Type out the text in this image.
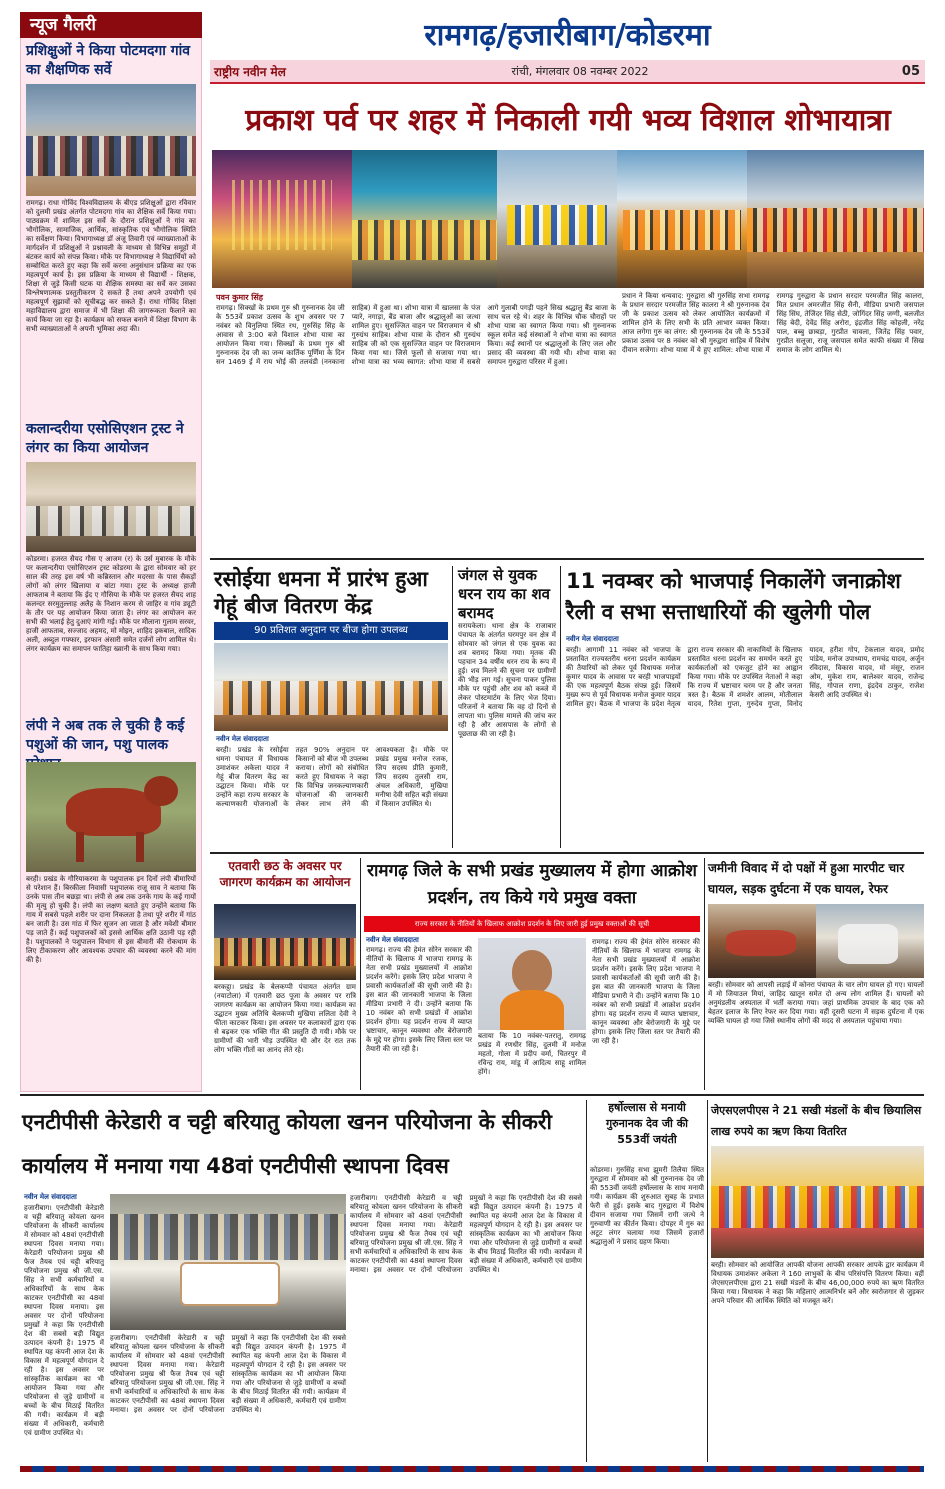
न्यूज गैलरी
प्रशिक्षुओं ने किया पोटमदगा गांव का शैक्षणिक सर्वे
रामगढ़। राधा गोविंद विश्वविद्यालय के बीएड प्रशिक्षुओं द्वारा रविवार को दुलमी प्रखंड अंतर्गत पोटमदगा गांव का शैक्षिक सर्वे किया गया। पाठ्यक्रम में शामिल इस सर्वे के दौरान प्रशिक्षुओं ने गांव का भौगोलिक, सामाजिक, आर्थिक, सांस्कृतिक एवं भौगोलिक स्थिति का सर्वेक्षण किया। विभागाध्यक्ष डॉ अंजू तिवारी एवं व्याख्याताओं के मार्गदर्शन में प्रशिक्षुओं ने प्रश्नावली के माध्यम से विभिन्न समूहों में बंटकर कार्य को संपन्न किया। मौके पर विभागाध्यक्ष ने विद्यार्थियों को सम्बोधित करते हुए कहा कि सर्वे करना अनुसंधान प्रक्रिया का एक महत्वपूर्ण कार्य है। इस प्रक्रिया के माध्यम से विद्यार्थी - शिक्षक, शिक्षा से जुड़े किसी घटक या शैक्षिक समस्या का सर्वे कर उसका विश्लेषणात्मक प्रस्तुतीकरण दे सकते हैं तथा अपने उपयोगी एवं महत्वपूर्ण सुझावों को सूचीबद्ध कर सकते हैं। राधा गोविंद शिक्षा महाविद्यालय द्वारा समाज में भी शिक्षा की जागरूकता फैलाने का कार्य किया जा रहा है। कार्यक्रम को सफल बनाने में शिक्षा विभाग के सभी व्याख्याताओं ने अपनी भूमिका अदा की।
कलान्दरीया एसोसिएशन ट्रस्ट ने लंगर का किया आयोजन
कोडरमा। हजरत सैयद गौस ए आजम (र) के उर्स मुबारक के मौके पर कलान्दरीया एसोसिएशन ट्रस्ट कोडरमा के द्वारा सोमवार को हर साल की तरह इस वर्ष भी कब्रिस्तान और मदरसा के पास सैकड़ों लोगों को लंगर खिलाया व बांटा गया। ट्रस्ट के अध्यक्ष हाजी आफताब ने बताया कि ईद ए गौसिया के मौके पर हजरत सैयद शाह कलन्दर सरमुतुल्लाह अलैह के निशान करम से जाहिर व गांव ड्यूटी के तौर पर यह आयोजन किया जाता है। लंगर का आयोजन कर सभी की भलाई हेतु दुआएं मांगी गई। मौके पर मौलाना गुलाम सरवर, हाजी आफताब, सज्जाद अहमद, मो मोइन, शाहिद इकबाल, सादिक अली, अब्दुल गफ्फार, इरफान अंसारी समेत दर्जनों लोग शामिल थे। लंगर कार्यक्रम का समापन फातिहा ख्वानी के साथ किया गया।
लंपी ने अब तक ले चुकी है कई पशुओं की जान, पशु पालक
बरही। प्रखंड के गौरियाकरमा के पशुपालक इन दिनों लंपी बीमारियों से परेशान हैं। बिरकीला निवासी पशुपालक राजू साव ने बताया कि उनके पास तीन बछड़ा था। लंपी से अब तक उनके गाय के कई गायों की मृत्यु हो चुकी है। लंपी का लक्षण बताते हुए उन्होंने बताया कि गाय में सबसे पहले शरीर पर दाना निकलता है तथा पूरे शरीर में गांठ बन जाती है। उस गांठ में फिर सूजन आ जाता है और मवेशी बीमार पड़ जाते हैं। कई पशुपालकों को इससे आर्थिक क्षति उठानी पड़ रही है। पशुपालकों ने पशुपालन विभाग से इस बीमारी की रोकथाम के लिए टीकाकरण और आवश्यक उपचार की व्यवस्था करने की मांग की है।
रामगढ़/हजारीबाग/कोडरमा
राष्ट्रीय नवीन मेल	रांची, मंगलवार 08 नवम्बर 2022	05
प्रकाश पर्व पर शहर में निकाली गयी भव्य विशाल शोभायात्रा
पवन कुमार सिंह
रामगढ़। सिक्खों के प्रथम गुरु श्री गुरुनानक देव जी के 553वें प्रकाश उत्सव के शुभ अवसर पर 7 नवंबर को विनुलिया स्थित रथ, गुरुसिंह सिंह के आवास से 3:00 बजे विशाल शोभा यात्रा का आयोजन किया गया। सिक्खों के प्रथम गुरु श्री गुरुनानक देव जी का जन्म कार्तिक पूर्णिमा के दिन सन 1469 ई में राय भोई की तलवंडी (ननकाना साहिब) में हुआ था। शोभा यात्रा में खालसा के पंज प्यारे, नगाड़ा, बैंड बाजा और श्रद्धालुओं का जत्था शामिल हुए। सुसज्जित वाहन पर विराजमान थे श्री गुरुग्रंथ साहिब। शोभा यात्रा के दौरान श्री गुरुग्रंथ साहिब जी को एक सुसज्जित वाहन पर विराजमान किया गया था। जिसे फूलों से सजाया गया था। शोभा यात्रा का भव्य स्वागत: शोभा यात्रा में सबसे आगे गुलाबी पगड़ी पहने सिख श्रद्धालु बैंड बाजा के साथ चल रहे थे। शहर के विभिन्न चौक चौराहों पर शोभा यात्रा का स्वागत किया गया। श्री गुरुनानक स्कूल समेत कई संस्थाओं ने शोभा यात्रा का स्वागत किया। कई स्थानों पर श्रद्धालुओं के लिए जल और प्रसाद की व्यवस्था की गयी थी। शोभा यात्रा का समापन गुरुद्वारा परिसर में हुआ।
प्रधान ने किया धन्यवाद: गुरुद्वारा श्री गुरुसिंह सभा रामगढ़ के प्रधान सरदार परमजीत सिंह कालरा ने श्री गुरुनानक देव जी के प्रकाश उत्सव को लेकर आयोजित कार्यक्रमों में शामिल होने के लिए सभी के प्रति आभार व्यक्त किया। आज लगेगा गुरु का लंगर: श्री गुरुनानक देव जी के 553वें प्रकाश उत्सव पर 8 नवंबर को श्री गुरुद्वारा साहिब में विशेष दीवान सजेगा। शोभा यात्रा में ये हुए शामिल: शोभा यात्रा में रामगढ़ गुरुद्वारा के प्रधान सरदार परमजीत सिंह कालरा, मित प्रधान अमरजीत सिंह सैनी, मीडिया प्रभारी जसपाल सिंह सिंघ, तेजिंदर सिंह सेठी, जोगिंदर सिंह जग्गी, बलजीत सिंह बेदी, देवेंद्र सिंह अरोरा, इंद्रजीत सिंह कोहली, नरेंद्र पाल, बब्बु छाबड़ा, गुरप्रीत चावला, जितेंद्र सिंह पवार, गुरप्रीत सलूजा, राजू जसपाल समेत काफी संख्या में सिख समाज के लोग शामिल थे।
रसोईया धमना में प्रारंभ हुआ गेहूं बीज वितरण केंद्र
90 प्रतिशत अनुदान पर बीज होगा उपलब्ध
नवीन मेल संवाददाता
बरही। प्रखंड के रसोईया धमना पंचायत में विधायक उमाशंकर अकेला यादव ने गेहूं बीज वितरण केंद्र का उद्घाटन किया। मौके पर उन्होंने कहा राज्य सरकार के कल्याणकारी योजनाओं के तहत 90% अनुदान पर किसानों को बीज भी उपलब्ध कराया। लोगों को संबोधित करते हुए विधायक ने कहा कि विभिन्न जनकल्याणकारी योजनाओं की जानकारी लेकर लाभ लेने की आवश्यकता है। मौके पर प्रखंड प्रमुख मनोज रजक, जिप सदस्य प्रीति कुमारी, जिप सदस्य तुलसी राम, अंचल अधिकारी, मुखिया मनीषा देवी सहित बड़ी संख्या में किसान उपस्थित थे।
जंगल से युवक धरन राय का शव बरामद
सरायकेला। थाना क्षेत्र के राजाबार पंचायत के अंतर्गत घरमपुर वन क्षेत्र में सोमवार को जंगल से एक युवक का शव बरामद किया गया। मृतक की पहचान 34 वर्षीय धरन राय के रूप में हुई। शव मिलने की सूचना पर ग्रामीणों की भीड़ लग गई। सूचना पाकर पुलिस मौके पर पहुंची और शव को कब्जे में लेकर पोस्टमार्टम के लिए भेज दिया। परिजनों ने बताया कि वह दो दिनों से लापता था। पुलिस मामले की जांच कर रही है और आसपास के लोगों से पूछताछ की जा रही है।
11 नवम्बर को भाजपाई निकालेंगे जनाक्रोश रैली व सभा सत्ताधारियों की खुलेगी पोल
नवीन मेल संवाददाता
बरही। आगामी 11 नवंबर को भाजपा के प्रस्तावित राज्यस्तरीय धरना प्रदर्शन कार्यक्रम की तैयारियों को लेकर पूर्व विधायक मनोज कुमार यादव के आवास पर बरही भाजपाइयों की एक महत्वपूर्ण बैठक संपन्न हुई। जिसमें मुख्य रूप से पूर्व विधायक मनोज कुमार यादव शामिल हुए। बैठक में भाजपा के प्रदेश नेतृत्व द्वारा राज्य सरकार की नाकामियों के खिलाफ प्रस्तावित धरना प्रदर्शन का समर्थन करते हुए कार्यकर्ताओं को एकजुट होने का आह्वान किया गया। मौके पर उपस्थित नेताओं ने कहा कि राज्य में भ्रष्टाचार चरम पर है और जनता त्रस्त है। बैठक में शमशेर आलम, मोतीलाल यादव, रितेश गुप्ता, गुरुदेव गुप्ता, विनोद यादव, हरीश गोप, टेकलाल यादव, प्रमोद पांडेय, मनोज उपाध्याय, रामचंद्र यादव, अर्जुन रविदास, विकास यादव, मो मंसूर, राजन ओम, मुकेश राम, बालेश्वर यादव, राजेन्द्र सिंह, गोपाल राणा, इंद्रदेव ठाकुर, राजेश केसरी आदि उपस्थित थे।
एतवारी छठ के अवसर पर जागरण कार्यक्रम का आयोजन
बरकट्ठा। प्रखंड के बेलकप्पी पंचायत अंतर्गत ग्राम (नयाटोला) में एतवारी छठ पूजा के अवसर पर रात्रि जागरण कार्यक्रम का आयोजन किया गया। कार्यक्रम का उद्घाटन मुख्य अतिथि बेलकप्पी मुखिया ललिता देवी ने फीता काटकर किया। इस अवसर पर कलाकारों द्वारा एक से बढ़कर एक भक्ति गीत की प्रस्तुति दी गयी। मौके पर ग्रामीणों की भारी भीड़ उपस्थित थी और देर रात तक लोग भक्ति गीतों का आनंद लेते रहे।
रामगढ़ जिले के सभी प्रखंड मुख्यालय में होगा आक्रोश प्रदर्शन, तय किये गये प्रमुख वक्ता
राज्य सरकार के नीतियों के खिलाफ आक्रोश प्रदर्शन के लिए जारी हुई प्रमुख वक्ताओं की सूची
नवीन मेल संवाददाता
रामगढ़। राज्य की हेमंत सोरेन सरकार की नीतियों के खिलाफ में भाजपा रामगढ़ के नेता सभी प्रखंड मुख्यालयों में आक्रोश प्रदर्शन करेंगे। इसके लिए प्रदेश भाजपा ने प्रवासी कार्यकर्ताओं की सूची जारी की है। इस बात की जानकारी भाजपा के जिला मीडिया प्रभारी ने दी। उन्होंने बताया कि 10 नवंबर को सभी प्रखंडों में आक्रोश प्रदर्शन होगा। यह प्रदर्शन राज्य में व्याप्त भ्रष्टाचार, कानून व्यवस्था और बेरोजगारी के मुद्दे पर होगा। इसके लिए जिला स्तर पर तैयारी की जा रही है।
बताया कि 10 नवंबर-पतरातु, रामगढ़ प्रखंड में रणधीर सिंह, दुलमी में मनोज महतो, गोला में प्रदीप वर्मा, चितरपुर में रविन्द्र राय, मांडू में आदित्य साहू शामिल होंगे।
रामगढ़। राज्य की हेमंत सोरेन सरकार की नीतियों के खिलाफ में भाजपा रामगढ़ के नेता सभी प्रखंड मुख्यालयों में आक्रोश प्रदर्शन करेंगे। इसके लिए प्रदेश भाजपा ने प्रवासी कार्यकर्ताओं की सूची जारी की है। इस बात की जानकारी भाजपा के जिला मीडिया प्रभारी ने दी। उन्होंने बताया कि 10 नवंबर को सभी प्रखंडों में आक्रोश प्रदर्शन होगा। यह प्रदर्शन राज्य में व्याप्त भ्रष्टाचार, कानून व्यवस्था और बेरोजगारी के मुद्दे पर होगा। इसके लिए जिला स्तर पर तैयारी की जा रही है।
जमीनी विवाद में दो पक्षों में हुआ मारपीट चार घायल, सड़क दुर्घटना में एक घायल, रेफर
बरही। सोमवार को आपसी लड़ाई में कोनरा पंचायत के चार लोग घायल हो गए। घायलों में मो जियाउल मियां, जाहिद खातून समेत दो अन्य लोग शामिल हैं। घायलों को अनुमंडलीय अस्पताल में भर्ती कराया गया। जहां प्राथमिक उपचार के बाद एक को बेहतर इलाज के लिए रेफर कर दिया गया। वहीं दूसरी घटना में सड़क दुर्घटना में एक व्यक्ति घायल हो गया जिसे स्थानीय लोगों की मदद से अस्पताल पहुंचाया गया।
एनटीपीसी केरेडारी व चट्टी बरियातु कोयला खनन परियोजना के सीकरी कार्यालय में मनाया गया 48वां एनटीपीसी स्थापना दिवस
नवीन मेल संवाददाता
हजारीबाग। एनटीपीसी केरेडारी व चट्टी बरियातु कोयला खनन परियोजना के सीकरी कार्यालय में सोमवार को 48वां एनटीपीसी स्थापना दिवस मनाया गया। केरेडारी परियोजना प्रमुख श्री फैज तैयब एवं चट्टी बरियातु परियोजना प्रमुख श्री जी.एस. सिंह ने सभी कर्मचारियों व अधिकारियों के साथ केक काटकर एनटीपीसी का 48वां स्थापना दिवस मनाया। इस अवसर पर दोनों परियोजना प्रमुखों ने कहा कि एनटीपीसी देश की सबसे बड़ी विद्युत उत्पादन कंपनी है। 1975 में स्थापित यह कंपनी आज देश के विकास में महत्वपूर्ण योगदान दे रही है। इस अवसर पर सांस्कृतिक कार्यक्रम का भी आयोजन किया गया और परियोजना से जुड़े ग्रामीणों व बच्चों के बीच मिठाई वितरित की गयी। कार्यक्रम में बड़ी संख्या में अधिकारी, कर्मचारी एवं ग्रामीण उपस्थित थे।
हजारीबाग। एनटीपीसी केरेडारी व चट्टी बरियातु कोयला खनन परियोजना के सीकरी कार्यालय में सोमवार को 48वां एनटीपीसी स्थापना दिवस मनाया गया। केरेडारी परियोजना प्रमुख श्री फैज तैयब एवं चट्टी बरियातु परियोजना प्रमुख श्री जी.एस. सिंह ने सभी कर्मचारियों व अधिकारियों के साथ केक काटकर एनटीपीसी का 48वां स्थापना दिवस मनाया। इस अवसर पर दोनों परियोजना प्रमुखों ने कहा कि एनटीपीसी देश की सबसे बड़ी विद्युत उत्पादन कंपनी है। 1975 में स्थापित यह कंपनी आज देश के विकास में महत्वपूर्ण योगदान दे रही है। इस अवसर पर सांस्कृतिक कार्यक्रम का भी आयोजन किया गया और परियोजना से जुड़े ग्रामीणों व बच्चों के बीच मिठाई वितरित की गयी। कार्यक्रम में बड़ी संख्या में अधिकारी, कर्मचारी एवं ग्रामीण उपस्थित थे।
हजारीबाग। एनटीपीसी केरेडारी व चट्टी बरियातु कोयला खनन परियोजना के सीकरी कार्यालय में सोमवार को 48वां एनटीपीसी स्थापना दिवस मनाया गया। केरेडारी परियोजना प्रमुख श्री फैज तैयब एवं चट्टी बरियातु परियोजना प्रमुख श्री जी.एस. सिंह ने सभी कर्मचारियों व अधिकारियों के साथ केक काटकर एनटीपीसी का 48वां स्थापना दिवस मनाया। इस अवसर पर दोनों परियोजना प्रमुखों ने कहा कि एनटीपीसी देश की सबसे बड़ी विद्युत उत्पादन कंपनी है। 1975 में स्थापित यह कंपनी आज देश के विकास में महत्वपूर्ण योगदान दे रही है। इस अवसर पर सांस्कृतिक कार्यक्रम का भी आयोजन किया गया और परियोजना से जुड़े ग्रामीणों व बच्चों के बीच मिठाई वितरित की गयी। कार्यक्रम में बड़ी संख्या में अधिकारी, कर्मचारी एवं ग्रामीण उपस्थित थे।
हर्षोल्लास से मनायी गुरुनानक देव जी की 553वीं जयंती
कोडरमा। गुरुसिंह सभा झुमरी तिलैया स्थित गुरुद्वारा में सोमवार को श्री गुरुनानक देव जी की 553वीं जयंती हर्षोल्लास के साथ मनायी गयी। कार्यक्रम की शुरुआत सुबह के प्रभात फेरी से हुई। इसके बाद गुरुद्वारा में विशेष दीवान सजाया गया जिसमें रागी जत्थे ने गुरुवाणी का कीर्तन किया। दोपहर में गुरु का अटूट लंगर चलाया गया जिसमें हजारों श्रद्धालुओं ने प्रसाद ग्रहण किया।
जेएसएलपीएस ने 21 सखी मंडलों के बीच छियालिस लाख रुपये का ऋण किया वितरित
बरही। सोमवार को आयोजित आपकी योजना आपकी सरकार आपके द्वार कार्यक्रम में विधायक उमाशंकर अकेला ने 160 लाभुकों के बीच परिसंपत्ति वितरण किया। वहीं जेएसएलपीएस द्वारा 21 सखी मंडलों के बीच 46,00,000 रुपये का ऋण वितरित किया गया। विधायक ने कहा कि महिलाएं आत्मनिर्भर बनें और स्वरोजगार से जुड़कर अपने परिवार की आर्थिक स्थिति को मजबूत करें।
